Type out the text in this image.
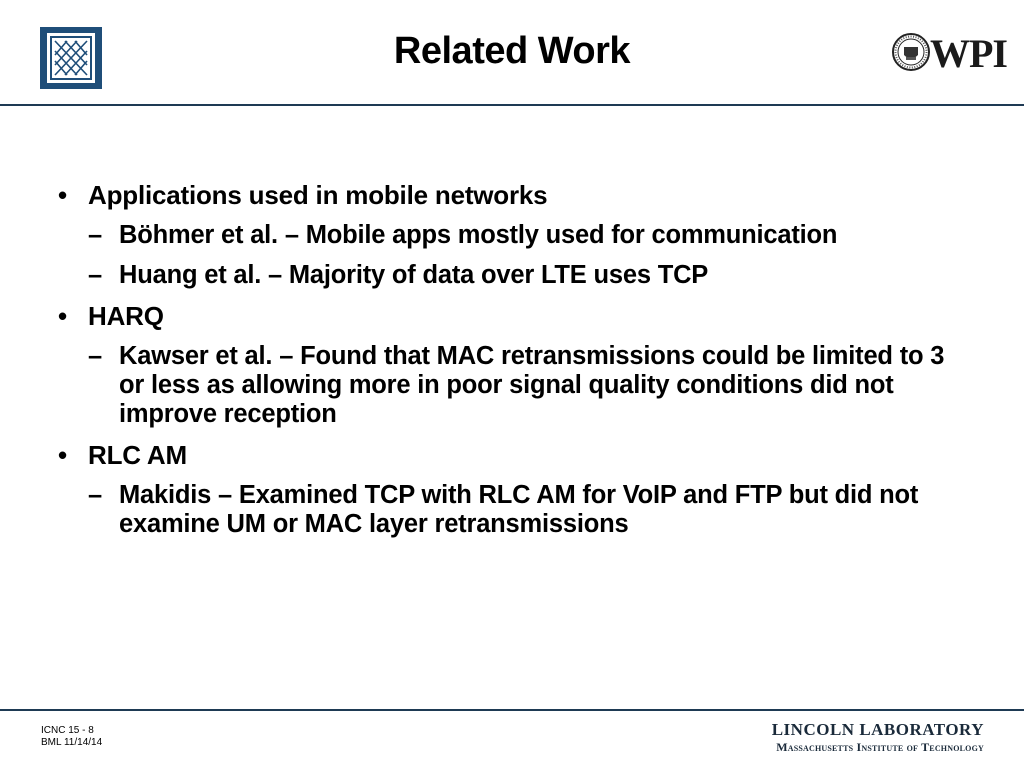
Related Work	WPI
• Applications used in mobile networks
– Böhmer et al. – Mobile apps mostly used for communication
– Huang et al. – Majority of data over LTE uses TCP
• HARQ
– Kawser et al. – Found that MAC retransmissions could be limited to 3 or less as allowing more in poor signal quality conditions did not improve reception
• RLC AM
– Makidis – Examined TCP with RLC AM for VoIP and FTP but did not examine UM or MAC layer retransmissions
ICNC 15 - 8
BML 11/14/14
LINCOLN LABORATORY
Massachusetts Institute of Technology
